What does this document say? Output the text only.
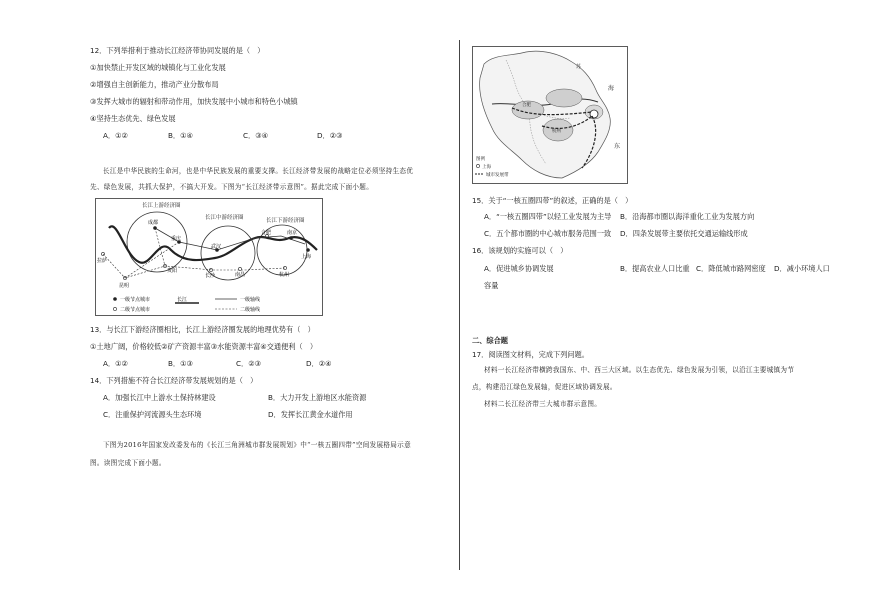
12．下列举措利于推动长江经济带协同发展的是（　）
①加快禁止开发区域的城镇化与工业化发展
②增强自主创新能力，推动产业分散布局
③发挥大城市的辐射和带动作用，加快发展中小城市和特色小城镇
④坚持生态优先、绿色发展
A．①②	B．①④	C．③④	D．②③
长江是中华民族的生命河，也是中华民族发展的重要支撑。长江经济带发展的战略定位必须坚持生态优
先、绿色发展，共抓大保护，不搞大开发。下图为“长江经济带示意图”。据此完成下面小题。
长江上游经济圈
长江中游经济圈	长江下游经济圈
成都
重庆
拉萨
贵阳
昆明
武汉
长沙	南昌
合肥	南京
上海
杭州
一级节点城市	长江	一级轴线
二级节点城市	二级轴线
13．与长江下游经济圈相比，长江上游经济圈发展的地理优势有（　）
①土地广阔，价格较低②矿产资源丰富③水能资源丰富④交通便利（　）
A．①②	B．①③	C．②③	D．②④
14．下列措施不符合长江经济带发展规划的是（　）
A．加强长江中上游水土保持林建设	B．大力开发上游地区水能资源
C．注重保护河流源头生态环境	D．发挥长江黄金水道作用
下图为2016年国家发改委发布的《长江三角洲城市群发展规划》中“一核五圈四带”空间发展格局示意
图。读图完成下面小题。
海
东
苏
合肥
杭州
图例
上海
城市发展带
15．关于“一核五圈四带”的叙述，正确的是（　）
A．“一核五圈四带”以轻工业发展为主导 B．沿海都市圈以海洋重化工业为发展方向
C．五个都市圈的中心城市服务范围一致 D．四条发展带主要依托交通运输线形成
16．该规划的实施可以（　）
A．促进城乡协调发展	B．提高农业人口比重 C．降低城市路网密度 D．减小环境人口
容量
二、综合题
17．阅读图文材料，完成下列问题。
材料一长江经济带横跨我国东、中、西三大区域。以生态优先、绿色发展为引领，以沿江主要城镇为节
点，构建沿江绿色发展轴，促进区域协调发展。
材料二长江经济带三大城市群示意图。
